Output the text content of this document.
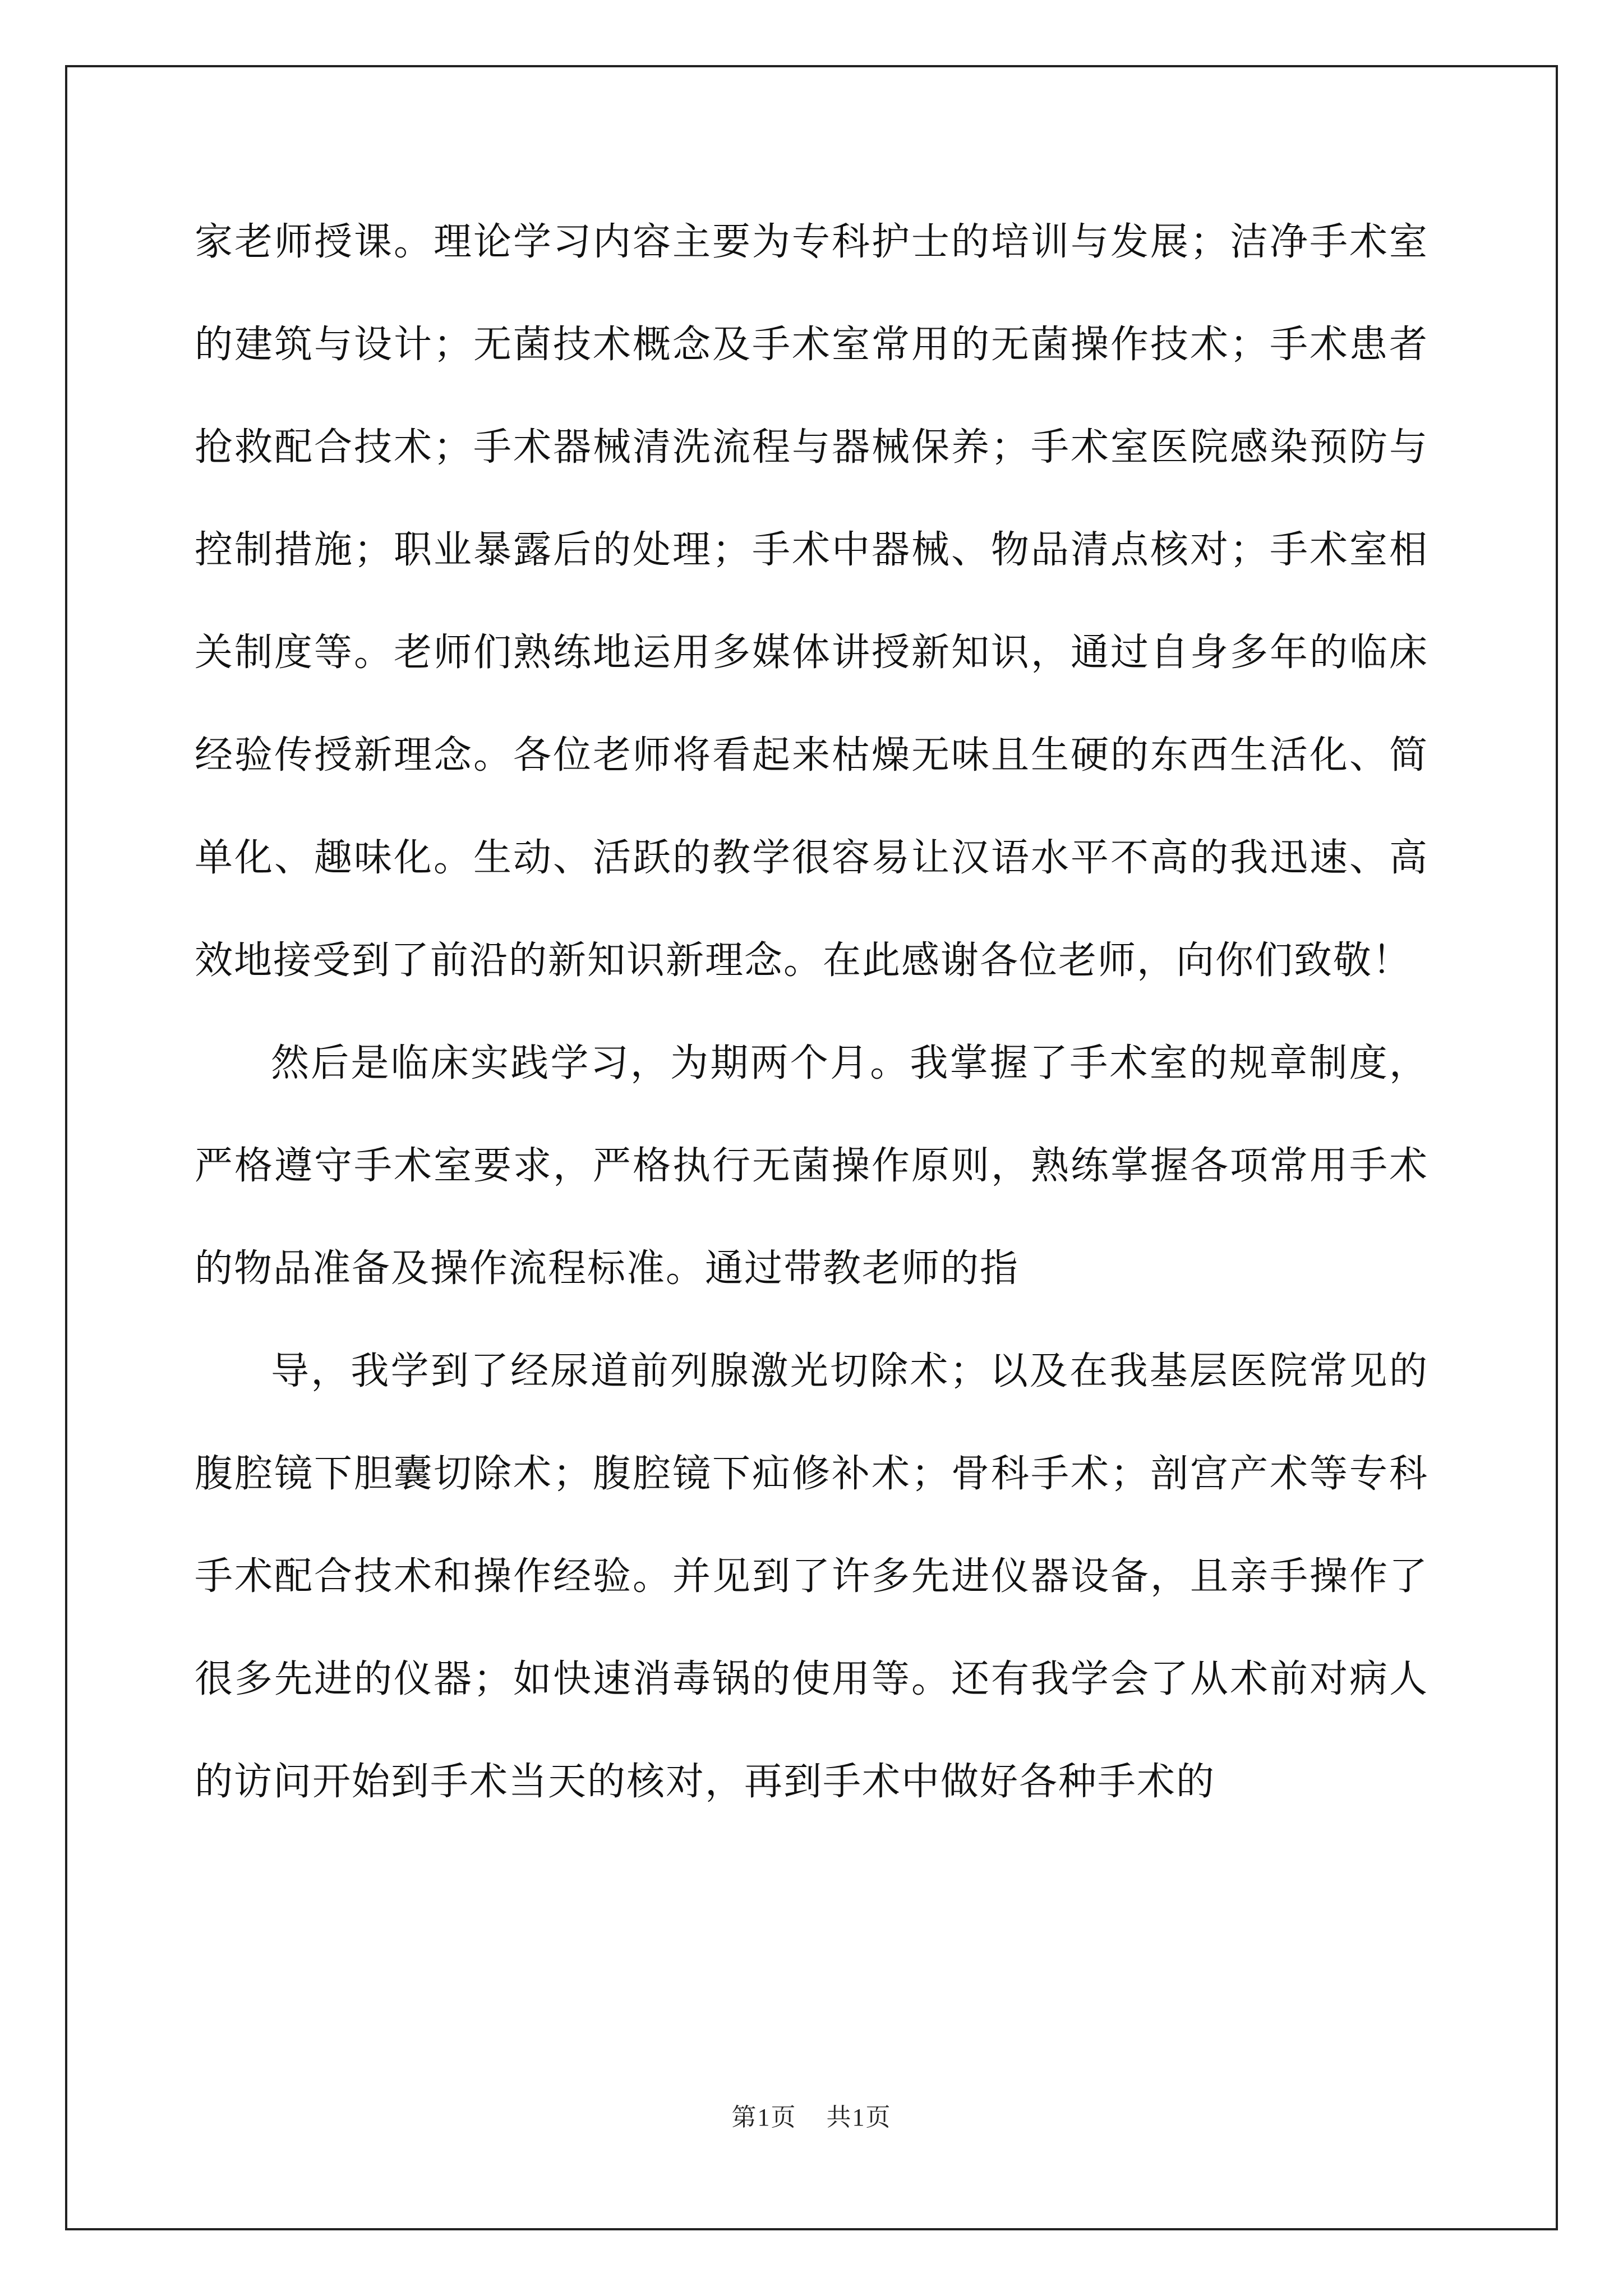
家老师授课。理论学习内容主要为专科护士的培训与发展；洁净手术室的建筑与设计；无菌技术概念及手术室常用的无菌操作技术；手术患者抢救配合技术；手术器械清洗流程与器械保养；手术室医院感染预防与控制措施；职业暴露后的处理；手术中器械、物品清点核对；手术室相关制度等。老师们熟练地运用多媒体讲授新知识，通过自身多年的临床经验传授新理念。各位老师将看起来枯燥无味且生硬的东西生活化、简单化、趣味化。生动、活跃的教学很容易让汉语水平不高的我迅速、高效地接受到了前沿的新知识新理念。在此感谢各位老师，向你们致敬！

然后是临床实践学习，为期两个月。我掌握了手术室的规章制度，严格遵守手术室要求，严格执行无菌操作原则，熟练掌握各项常用手术的物品准备及操作流程标准。通过带教老师的指

导，我学到了经尿道前列腺激光切除术；以及在我基层医院常见的腹腔镜下胆囊切除术；腹腔镜下疝修补术；骨科手术；剖宫产术等专科手术配合技术和操作经验。并见到了许多先进仪器设备，且亲手操作了很多先进的仪器；如快速消毒锅的使用等。还有我学会了从术前对病人的访问开始到手术当天的核对，再到手术中做好各种手术的

第1页 共1页
